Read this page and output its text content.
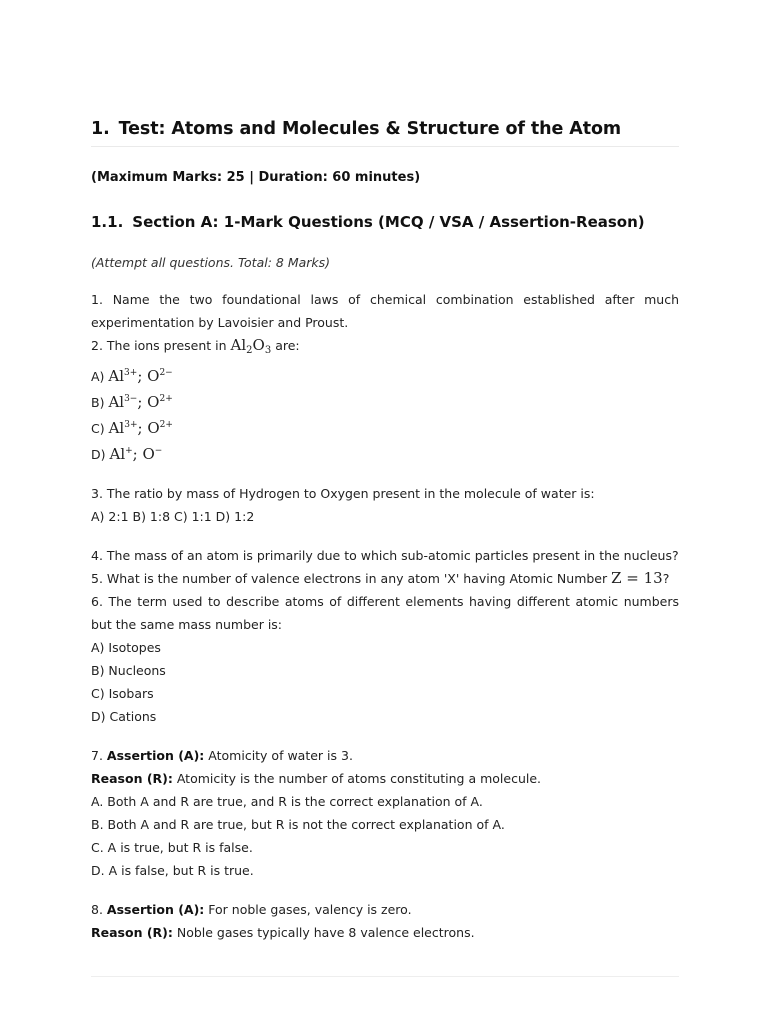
1. Test: Atoms and Molecules & Structure of the Atom
(Maximum Marks: 25 | Duration: 60 minutes)
1.1. Section A: 1-Mark Questions (MCQ / VSA / Assertion-Reason)
(Attempt all questions. Total: 8 Marks)

1. Name the two foundational laws of chemical combination established after much experimentation by Lavoisier and Proust.

2. The ions present in $Al_2O_3$ are:

A) $Al^{3+}$; $O^{2-}$

B) $Al^{3-}$; $O^{2+}$

C) $Al^{3+}$; $O^{2+}$

D) Al+; O−

3. The ratio by mass of Hydrogen to Oxygen present in the molecule of water is:

A) 2:1 B) 1:8 C) 1:1 D) 1:2

4. The mass of an atom is primarily due to which sub-atomic particles present in the nucleus?

5. What is the number of valence electrons in any atom 'X' having Atomic Number Z = 13?

6. The term used to describe atoms of different elements having different atomic numbers but the same mass number is:

A) Isotopes

B) Nucleons

C) Isobars

D) Cations

7. Assertion (A): Atomicity of water is 3.

Reason (R): Atomicity is the number of atoms constituting a molecule.

A. Both A and R are true, and R is the correct explanation of A.

B. Both A and R are true, but R is not the correct explanation of A.

C. A is true, but R is false.

D. A is false, but R is true.

8. Assertion (A): For noble gases, valency is zero.

Reason (R): Noble gases typically have 8 valence electrons.
